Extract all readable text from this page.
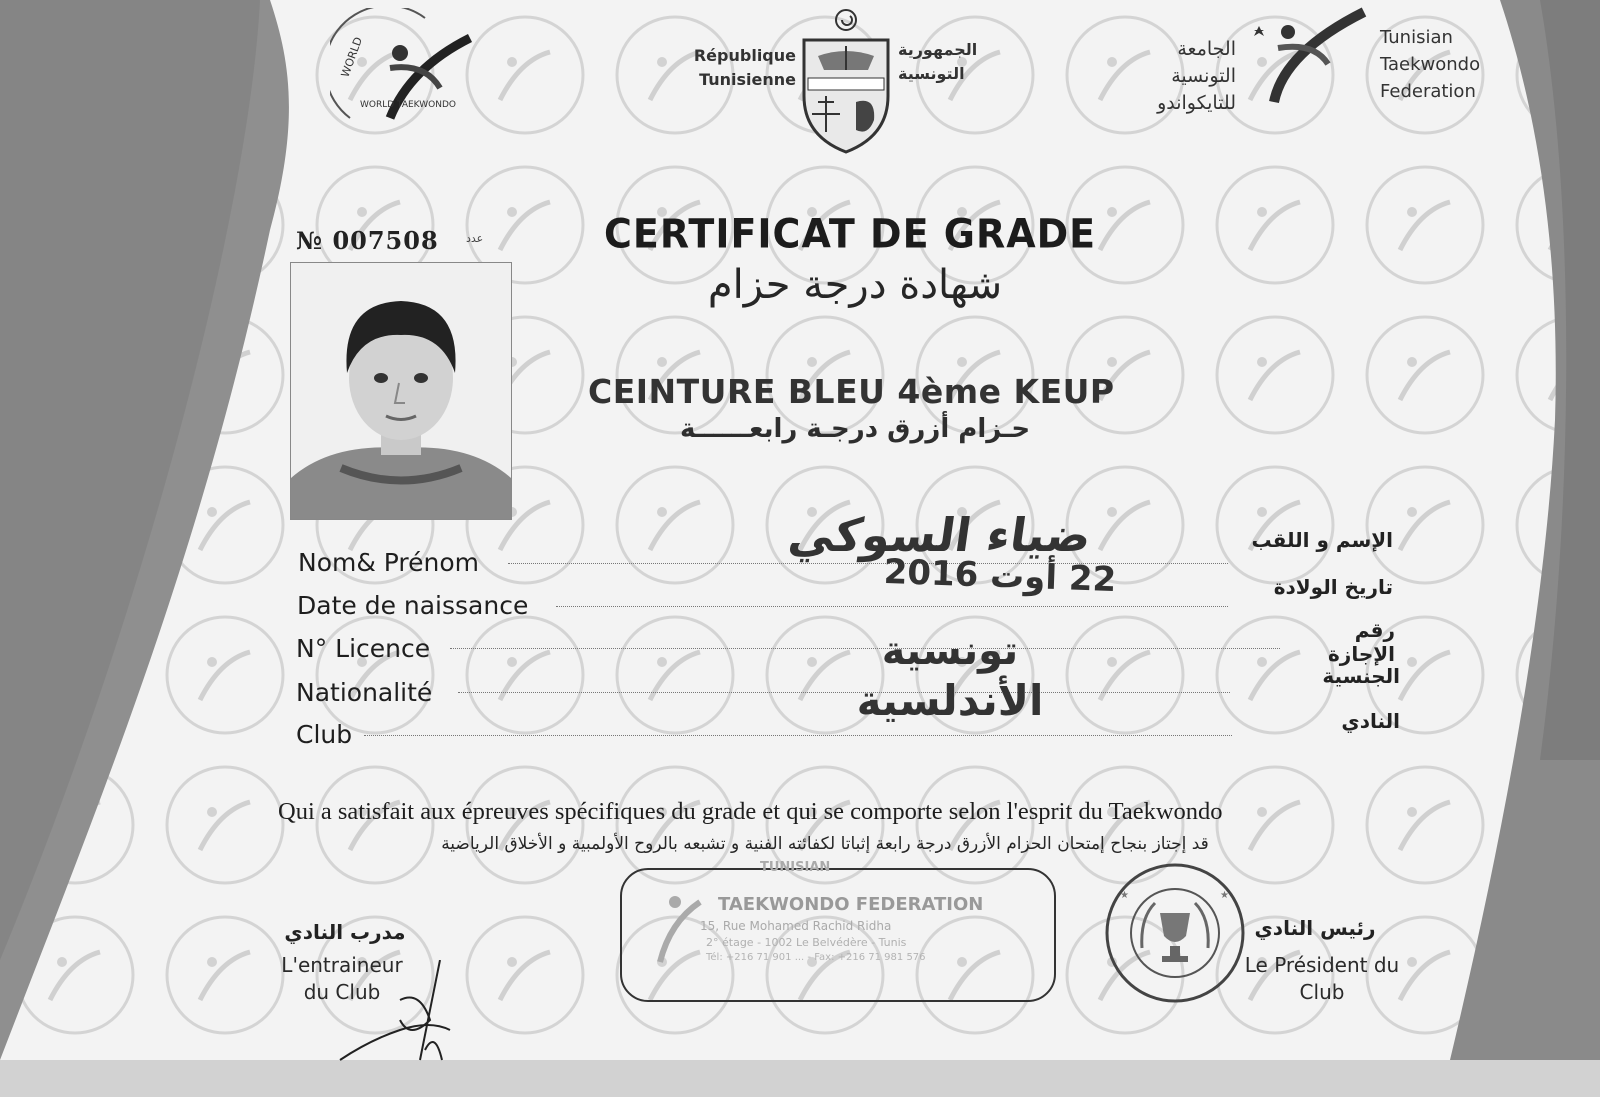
WORLD
WORLD TAEKWONDO
République
Tunisienne
الجمهورية
التونسية
الجامعة
التونسية
للتايكواندو
Tunisian
Taekwondo
Federation
№ 007508 عدد	CERTIFICAT DE GRADE
شهادة درجة حزام
CEINTURE BLEU 4ème KEUP
حـزام أزرق درجـة رابعــــــة
Nom& Prénom
Date de naissance
N° Licence
Nationalité
Club
الإسم و اللقب
تاريخ الولادة
رقم الإجازة
الجنسية
النادي
ضياء السوكي
22 أوت 2016
تونسية
الأندلسية
Qui a satisfait aux épreuves spécifiques du grade et qui se comporte selon l'esprit du Taekwondo
قد إجتاز بنجاح إمتحان الحزام الأزرق درجة رابعة إثباتا لكفائته الفنية و تشبعه بالروح الأولمبية و الأخلاق الرياضية
مدرب النادي
L'entraineur
du Club
TUNISIAN
TAEKWONDO FEDERATION
15, Rue Mohamed Rachid Ridha
2° étage - 1002 Le Belvédère - Tunis
Tél: +216 71 901 ... - Fax: +216 71 981 576
★	★
رئيس النادي
Le Président du
Club
